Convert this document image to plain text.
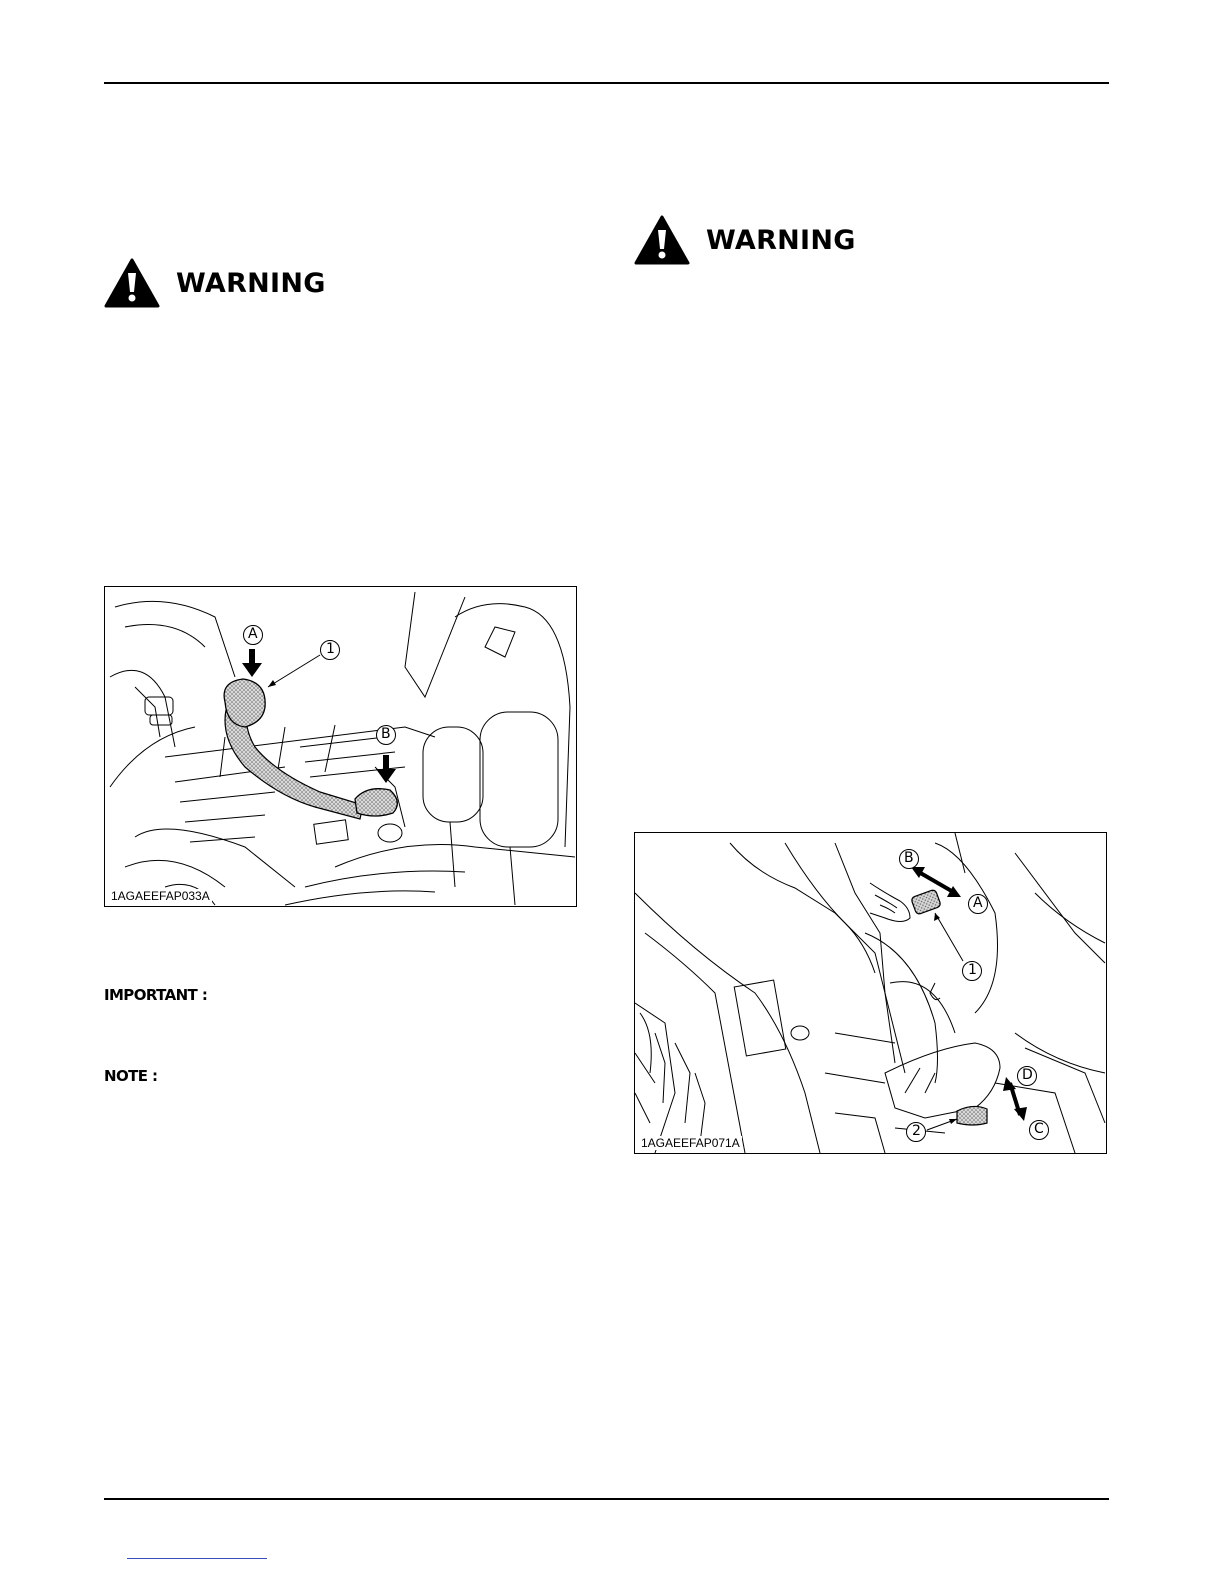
WARNING
WARNING
A
B
1
1AGAEEFAP033A
B
A
1
D
C
2
1AGAEEFAP071A
IMPORTANT :
NOTE :
